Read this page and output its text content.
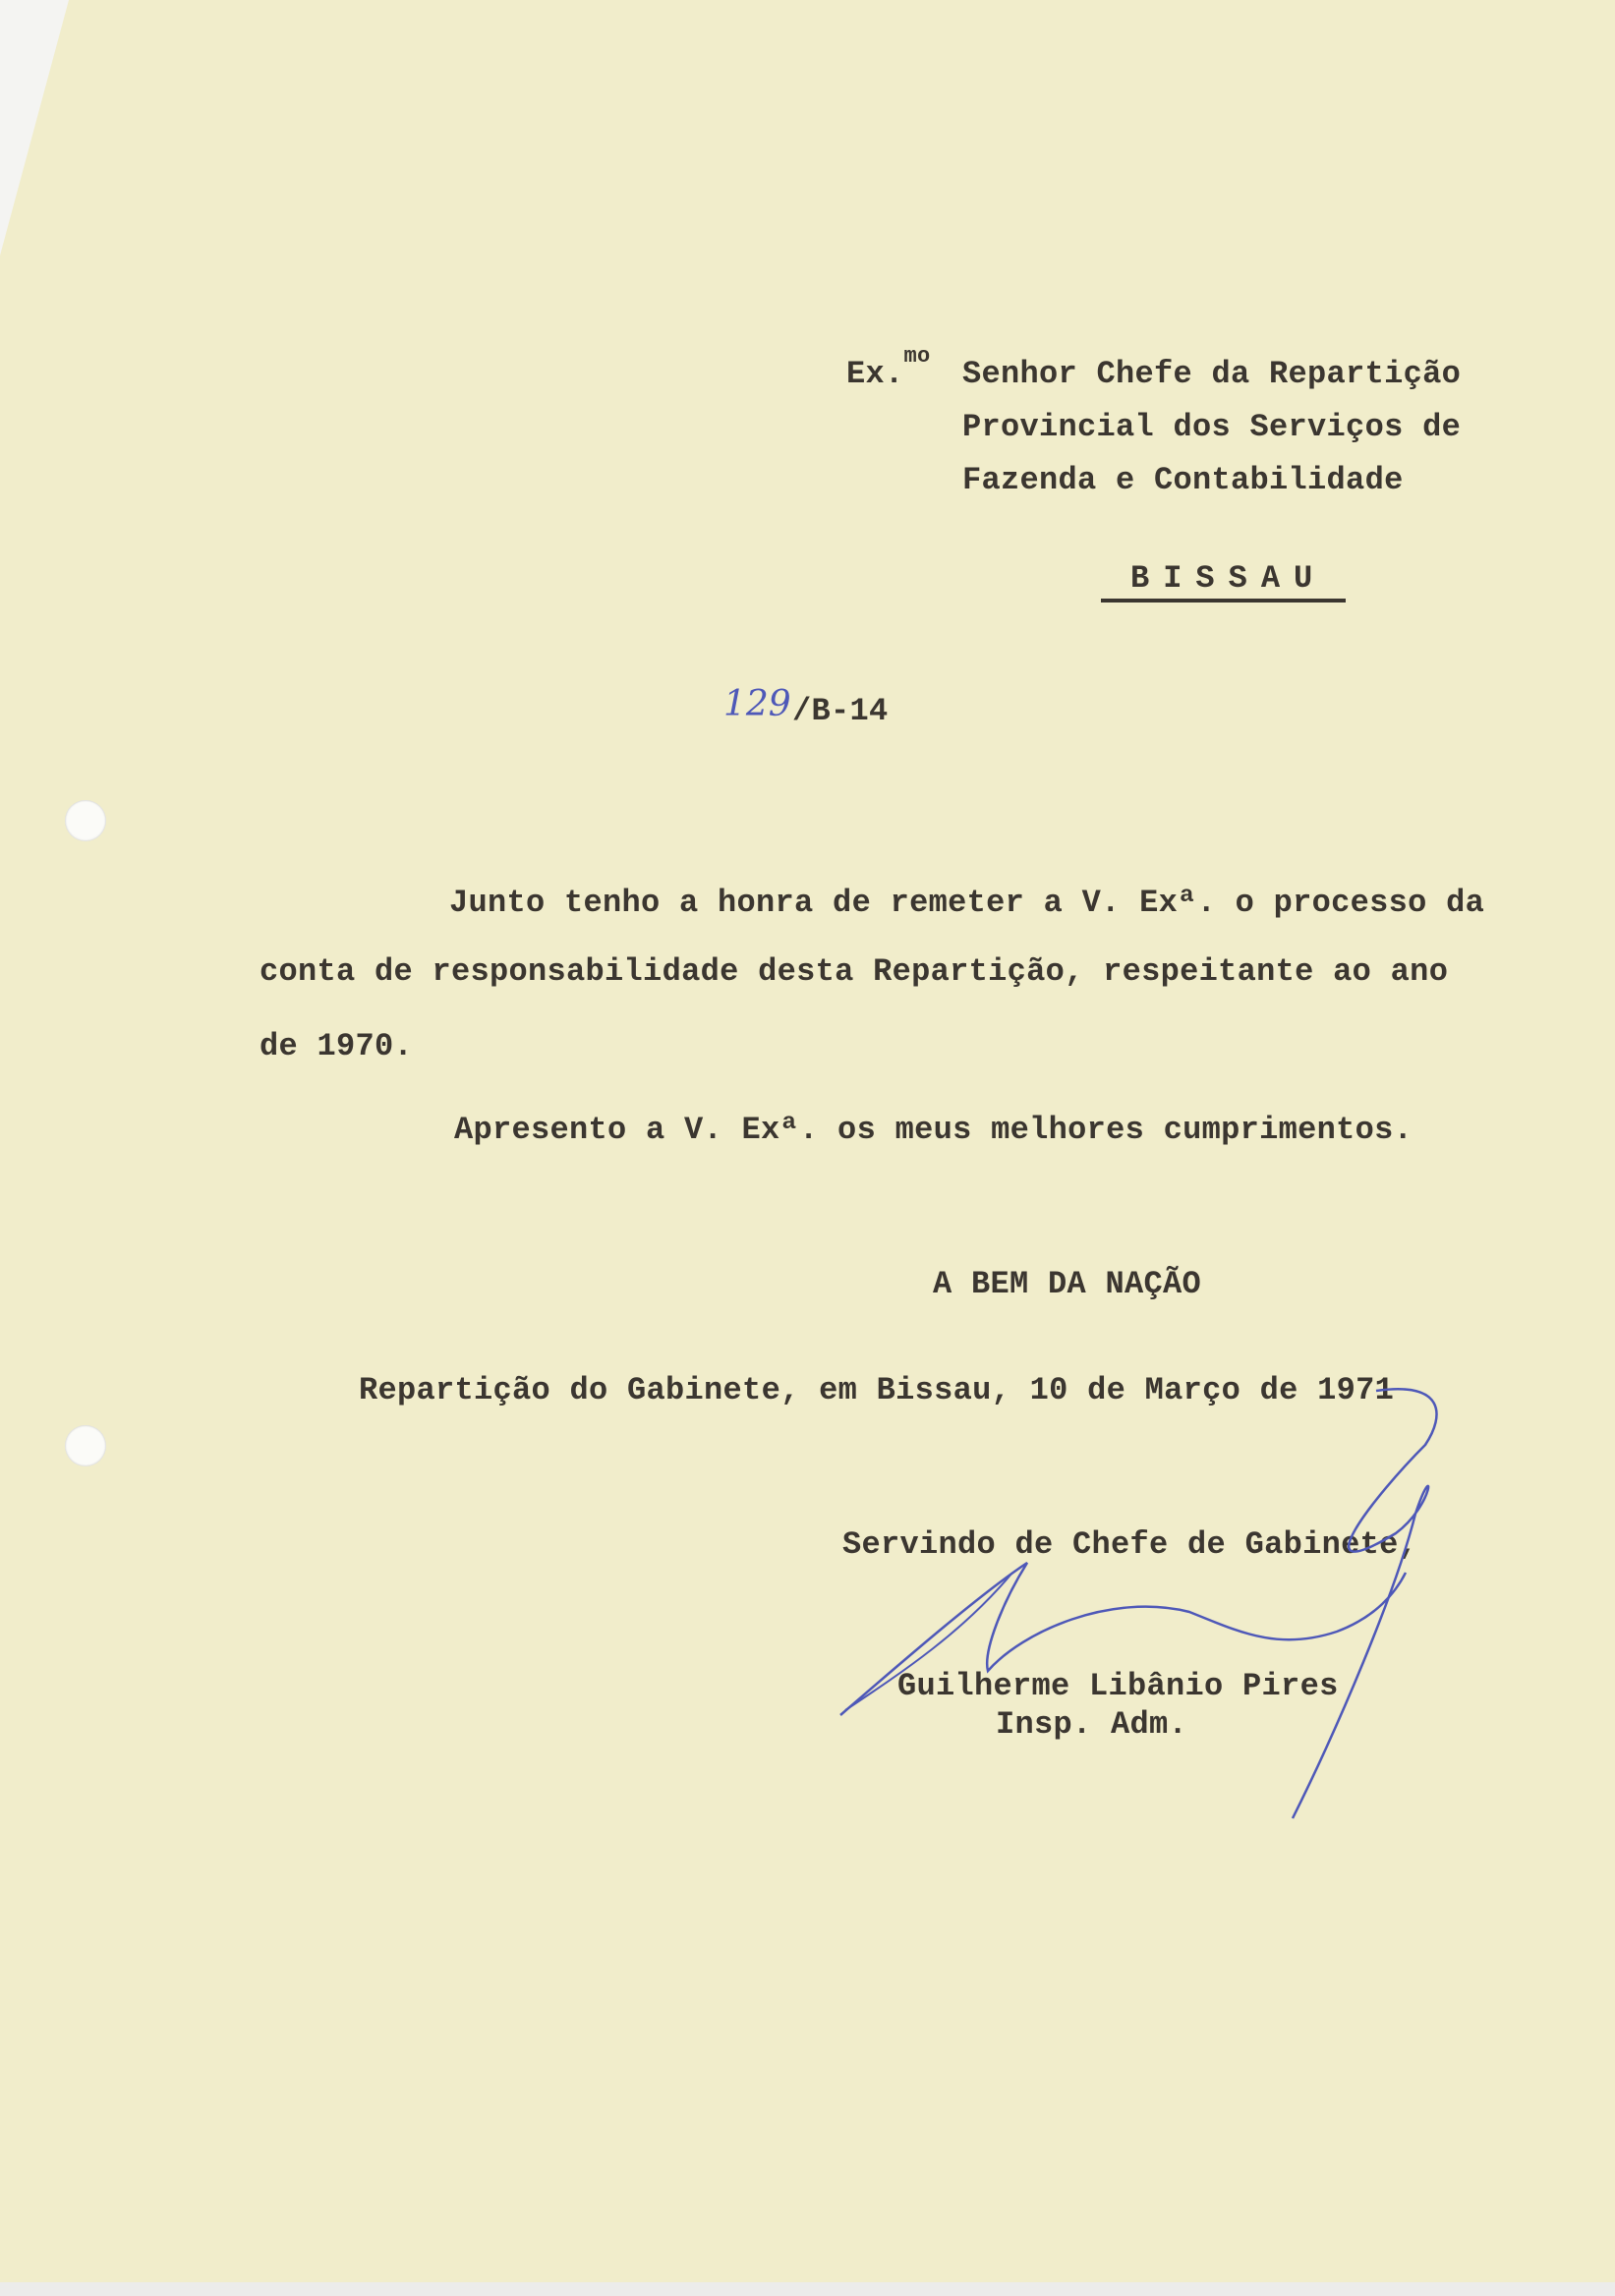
Ex.$^{mo}$ Senhor Chefe da Repartição
Provincial dos Serviços de
Fazenda e Contabilidade
BISSAU
129 /B-14
Junto tenho a honra de remeter a V. Exª. o processo da
conta de responsabilidade desta Repartição, respeitante ao ano
de 1970.
Apresento a V. Exª. os meus melhores cumprimentos.
A BEM DA NAÇÃO
Repartição do Gabinete, em Bissau, 10 de Março de 1971
Servindo de Chefe de Gabinete,
Guilherme Libânio Pires
Insp. Adm.
